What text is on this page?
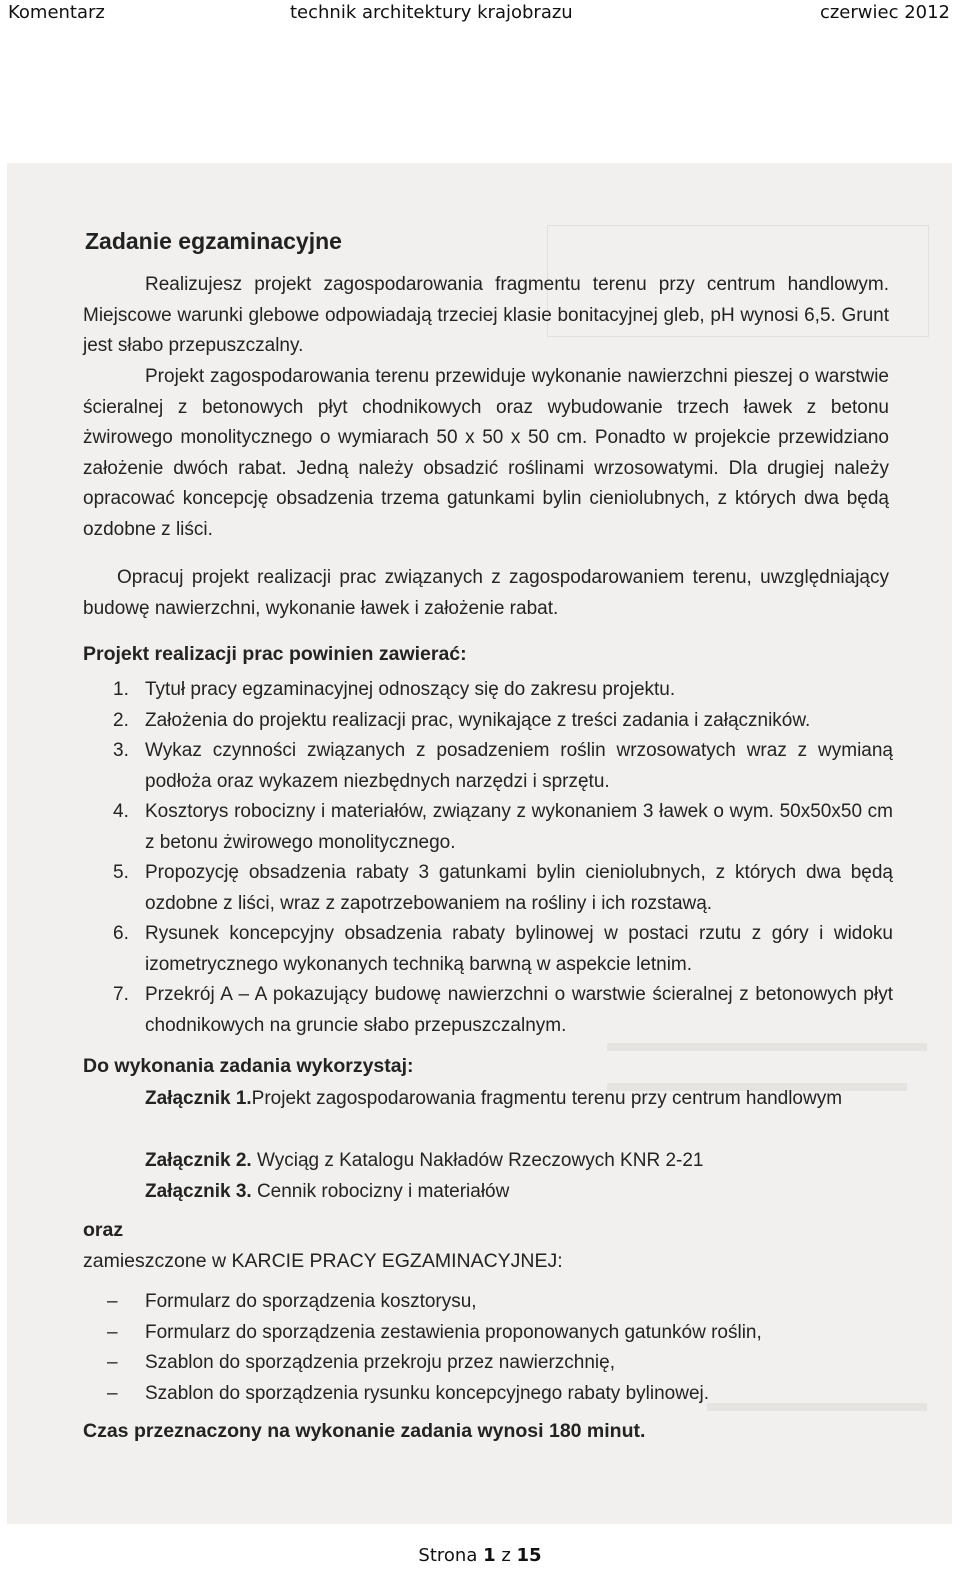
Komentarz	technik architektury krajobrazu	czerwiec 2012
Zadanie egzaminacyjne

Realizujesz projekt zagospodarowania fragmentu terenu przy centrum handlowym. Miejscowe warunki glebowe odpowiadają trzeciej klasie bonitacyjnej gleb, pH wynosi 6,5. Grunt jest słabo przepuszczalny.

Projekt zagospodarowania terenu przewiduje wykonanie nawierzchni pieszej o warstwie ścieralnej z betonowych płyt chodnikowych oraz wybudowanie trzech ławek z betonu żwirowego monolitycznego o wymiarach 50 x 50 x 50 cm. Ponadto w projekcie przewidziano założenie dwóch rabat. Jedną należy obsadzić roślinami wrzosowatymi. Dla drugiej należy opracować koncepcję obsadzenia trzema gatunkami bylin cieniolubnych, z których dwa będą ozdobne z liści.

Opracuj projekt realizacji prac związanych z zagospodarowaniem terenu, uwzględniający budowę nawierzchni, wykonanie ławek i założenie rabat.

Projekt realizacji prac powinien zawierać:

1. Tytuł pracy egzaminacyjnej odnoszący się do zakresu projektu.
2. Założenia do projektu realizacji prac, wynikające z treści zadania i załączników.
3. Wykaz czynności związanych z posadzeniem roślin wrzosowatych wraz z wymianą podłoża oraz wykazem niezbędnych narzędzi i sprzętu.
4. Kosztorys robocizny i materiałów, związany z wykonaniem 3 ławek o wym. 50x50x50 cm z betonu żwirowego monolitycznego.
5. Propozycję obsadzenia rabaty 3 gatunkami bylin cieniolubnych, z których dwa będą ozdobne z liści, wraz z zapotrzebowaniem na rośliny i ich rozstawą.
6. Rysunek koncepcyjny obsadzenia rabaty bylinowej w postaci rzutu z góry i widoku izometrycznego wykonanych techniką barwną w aspekcie letnim.
7. Przekrój A – A pokazujący budowę nawierzchni o warstwie ścieralnej z betonowych płyt chodnikowych na gruncie słabo przepuszczalnym.

Do wykonania zadania wykorzystaj:

Załącznik 1.Projekt zagospodarowania fragmentu terenu przy centrum handlowym

Załącznik 2. Wyciąg z Katalogu Nakładów Rzeczowych KNR 2-21

Załącznik 3. Cennik robocizny i materiałów

oraz

zamieszczone w KARCIE PRACY EGZAMINACYJNEJ:

– Formularz do sporządzenia kosztorysu,
– Formularz do sporządzenia zestawienia proponowanych gatunków roślin,
– Szablon do sporządzenia przekroju przez nawierzchnię,
– Szablon do sporządzenia rysunku koncepcyjnego rabaty bylinowej.

Czas przeznaczony na wykonanie zadania wynosi 180 minut.

Strona 1 z 15
